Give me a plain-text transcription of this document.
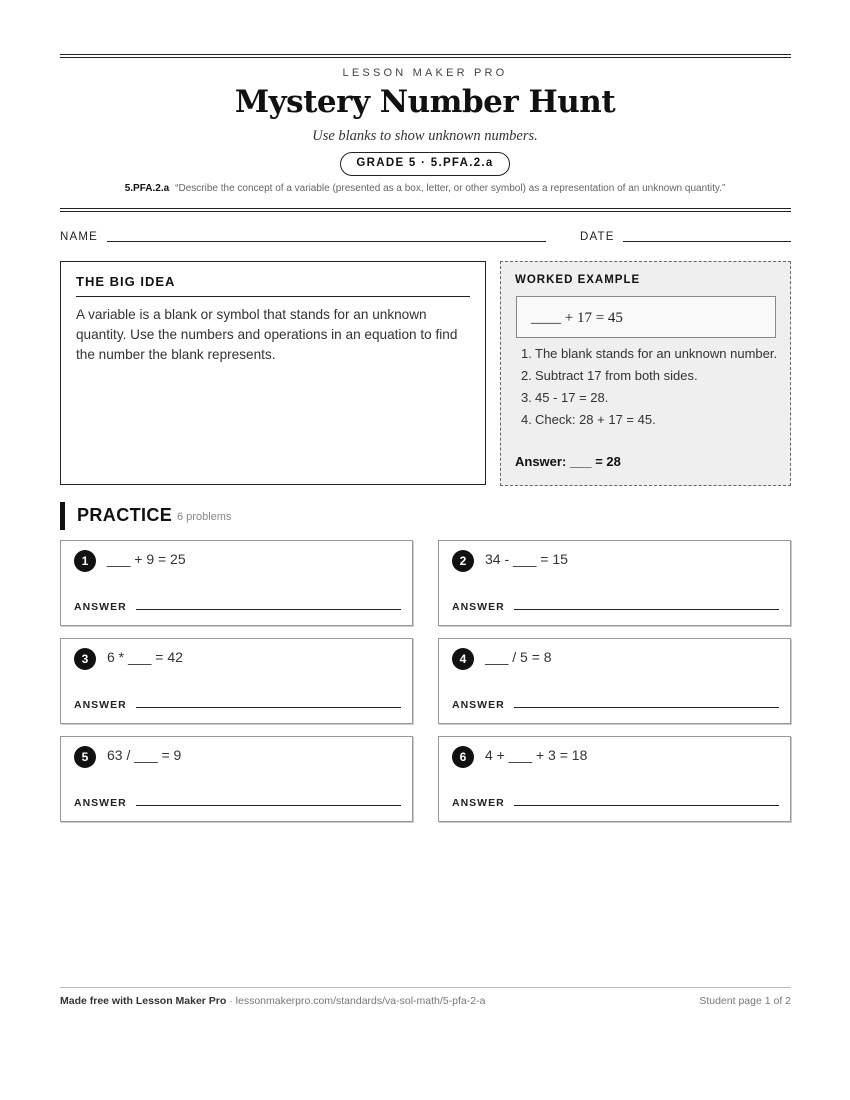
LESSON MAKER PRO
Mystery Number Hunt
Use blanks to show unknown numbers.
GRADE 5 · 5.PFA.2.a
5.PFA.2.a “Describe the concept of a variable (presented as a box, letter, or other symbol) as a representation of an unknown quantity.”
NAME	DATE
THE BIG IDEA
A variable is a blank or symbol that stands for an unknown quantity. Use the numbers and operations in an equation to find the number the blank represents.
WORKED EXAMPLE
____ + 17 = 45
1. The blank stands for an unknown number.
2. Subtract 17 from both sides.
3. 45 - 17 = 28.
4. Check: 28 + 17 = 45.
Answer: ___ = 28
PRACTICE 6 problems
1	___ + 9 = 25
ANSWER
2	34 - ___ = 15
ANSWER
3	6 * ___ = 42
ANSWER
4	___ / 5 = 8
ANSWER
5	63 / ___ = 9
ANSWER
6	4 + ___ + 3 = 18
ANSWER
Made free with Lesson Maker Pro · lessonmakerpro.com/standards/va-sol-math/5-pfa-2-a	Student page 1 of 2
